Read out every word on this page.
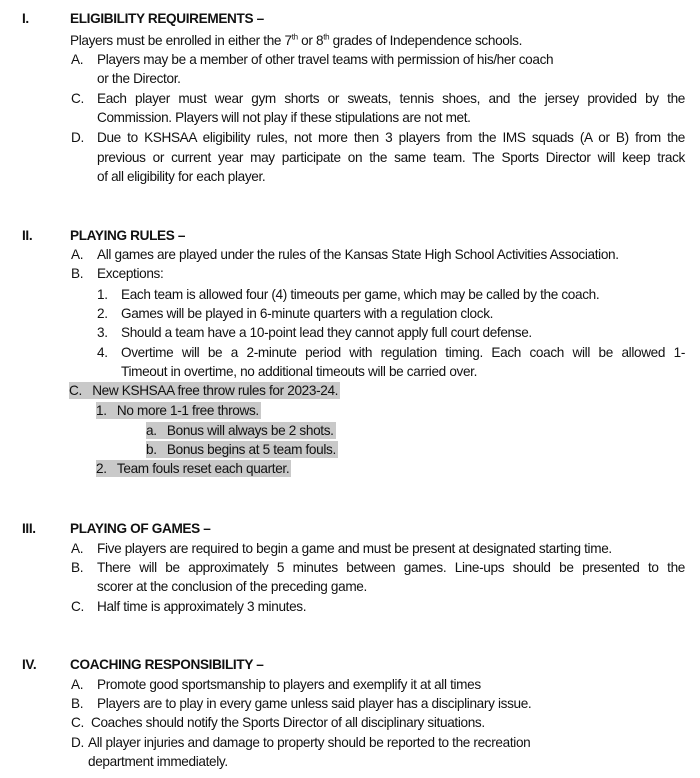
I.	ELIGIBILITY REQUIREMENTS –
Players must be enrolled in either the 7th or 8th grades of Independence schools.
A. Players may be a member of other travel teams with permission of his/her coach
or the Director.
C. Each player must wear gym shorts or sweats, tennis shoes, and the jersey provided by the
Commission. Players will not play if these stipulations are not met.
D. Due to KSHSAA eligibility rules, not more then 3 players from the IMS squads (A or B) from the
previous or current year may participate on the same team. The Sports Director will keep track
of all eligibility for each player.
II.	PLAYING RULES –
A. All games are played under the rules of the Kansas State High School Activities Association.
B. Exceptions:
1. Each team is allowed four (4) timeouts per game, which may be called by the coach.
2. Games will be played in 6-minute quarters with a regulation clock.
3. Should a team have a 10-point lead they cannot apply full court defense.
4. Overtime will be a 2-minute period with regulation timing. Each coach will be allowed 1-
Timeout in overtime, no additional timeouts will be carried over.
C. New KSHSAA free throw rules for 2023-24.
1. No more 1-1 free throws.
a. Bonus will always be 2 shots.
b. Bonus begins at 5 team fouls.
2. Team fouls reset each quarter.
III.	PLAYING OF GAMES –
A. Five players are required to begin a game and must be present at designated starting time.
B. There will be approximately 5 minutes between games. Line-ups should be presented to the
scorer at the conclusion of the preceding game.
C. Half time is approximately 3 minutes.
IV. COACHING RESPONSIBILITY –
A. Promote good sportsmanship to players and exemplify it at all times
B. Players are to play in every game unless said player has a disciplinary issue.
C. Coaches should notify the Sports Director of all disciplinary situations.
D. All player injuries and damage to property should be reported to the recreation
department immediately.
